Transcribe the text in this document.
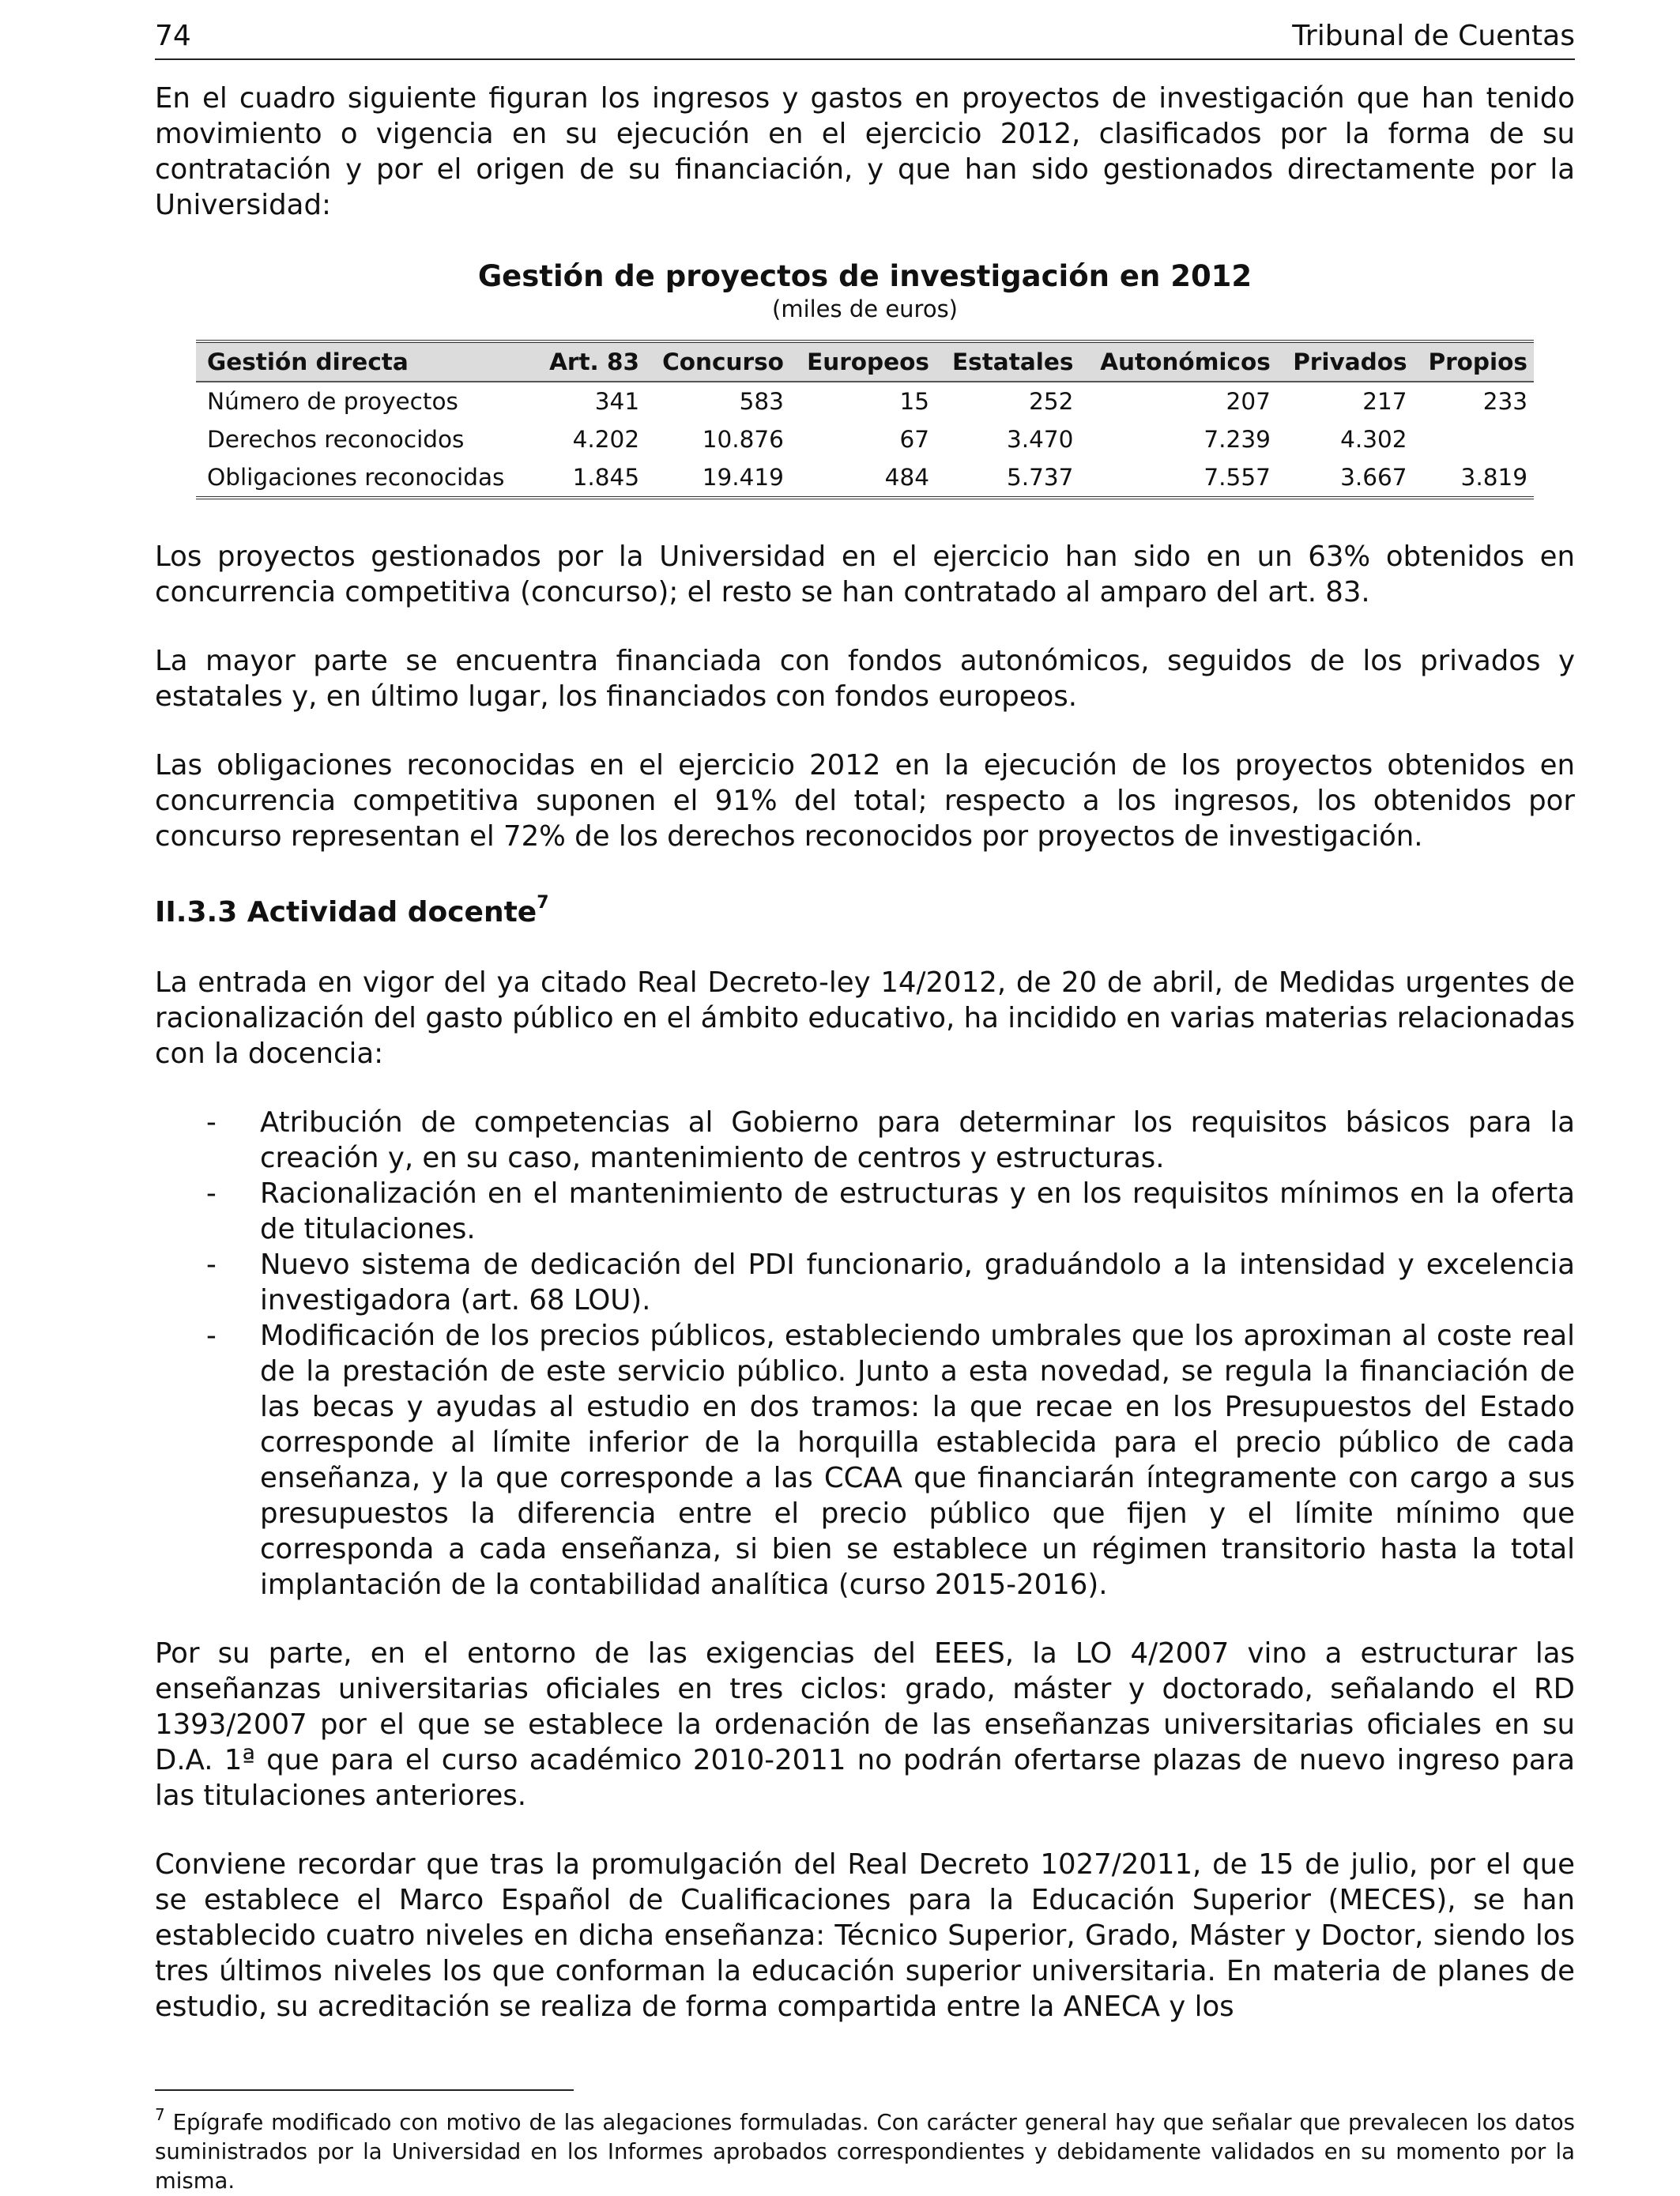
74	Tribunal de Cuentas

En el cuadro siguiente figuran los ingresos y gastos en proyectos de investigación que han tenido movimiento o vigencia en su ejecución en el ejercicio 2012, clasificados por la forma de su contratación y por el origen de su financiación, y que han sido gestionados directamente por la Universidad:

Gestión de proyectos de investigación en 2012
(miles de euros)
Gestión directa	Art. 83	Concurso	Europeos	Estatales	Autonómicos	Privados	Propios
Número de proyectos	341	583	15	252	207	217	233
Derechos reconocidos	4.202	10.876	67	3.470	7.239	4.302	
Obligaciones reconocidas	1.845	19.419	484	5.737	7.557	3.667	3.819

Los proyectos gestionados por la Universidad en el ejercicio han sido en un 63% obtenidos en concurrencia competitiva (concurso); el resto se han contratado al amparo del art. 83.

La mayor parte se encuentra financiada con fondos autonómicos, seguidos de los privados y estatales y, en último lugar, los financiados con fondos europeos.

Las obligaciones reconocidas en el ejercicio 2012 en la ejecución de los proyectos obtenidos en concurrencia competitiva suponen el 91% del total; respecto a los ingresos, los obtenidos por concurso representan el 72% de los derechos reconocidos por proyectos de investigación.

II.3.3 Actividad docente$^7$

La entrada en vigor del ya citado Real Decreto-ley 14/2012, de 20 de abril, de Medidas urgentes de racionalización del gasto público en el ámbito educativo, ha incidido en varias materias relacionadas con la docencia:

- Atribución de competencias al Gobierno para determinar los requisitos básicos para la creación y, en su caso, mantenimiento de centros y estructuras.
- Racionalización en el mantenimiento de estructuras y en los requisitos mínimos en la oferta de titulaciones.
- Nuevo sistema de dedicación del PDI funcionario, graduándolo a la intensidad y excelencia investigadora (art. 68 LOU).
- Modificación de los precios públicos, estableciendo umbrales que los aproximan al coste real de la prestación de este servicio público. Junto a esta novedad, se regula la financiación de las becas y ayudas al estudio en dos tramos: la que recae en los Presupuestos del Estado corresponde al límite inferior de la horquilla establecida para el precio público de cada enseñanza, y la que corresponde a las CCAA que financiarán íntegramente con cargo a sus presupuestos la diferencia entre el precio público que fijen y el límite mínimo que corresponda a cada enseñanza, si bien se establece un régimen transitorio hasta la total implantación de la contabilidad analítica (curso 2015-2016).

Por su parte, en el entorno de las exigencias del EEES, la LO 4/2007 vino a estructurar las enseñanzas universitarias oficiales en tres ciclos: grado, máster y doctorado, señalando el RD 1393/2007 por el que se establece la ordenación de las enseñanzas universitarias oficiales en su D.A. 1ª que para el curso académico 2010-2011 no podrán ofertarse plazas de nuevo ingreso para las titulaciones anteriores.

Conviene recordar que tras la promulgación del Real Decreto 1027/2011, de 15 de julio, por el que se establece el Marco Español de Cualificaciones para la Educación Superior (MECES), se han establecido cuatro niveles en dicha enseñanza: Técnico Superior, Grado, Máster y Doctor, siendo los tres últimos niveles los que conforman la educación superior universitaria. En materia de planes de estudio, su acreditación se realiza de forma compartida entre la ANECA y los

$^7$ Epígrafe modificado con motivo de las alegaciones formuladas. Con carácter general hay que señalar que prevalecen los datos suministrados por la Universidad en los Informes aprobados correspondientes y debidamente validados en su momento por la misma.
